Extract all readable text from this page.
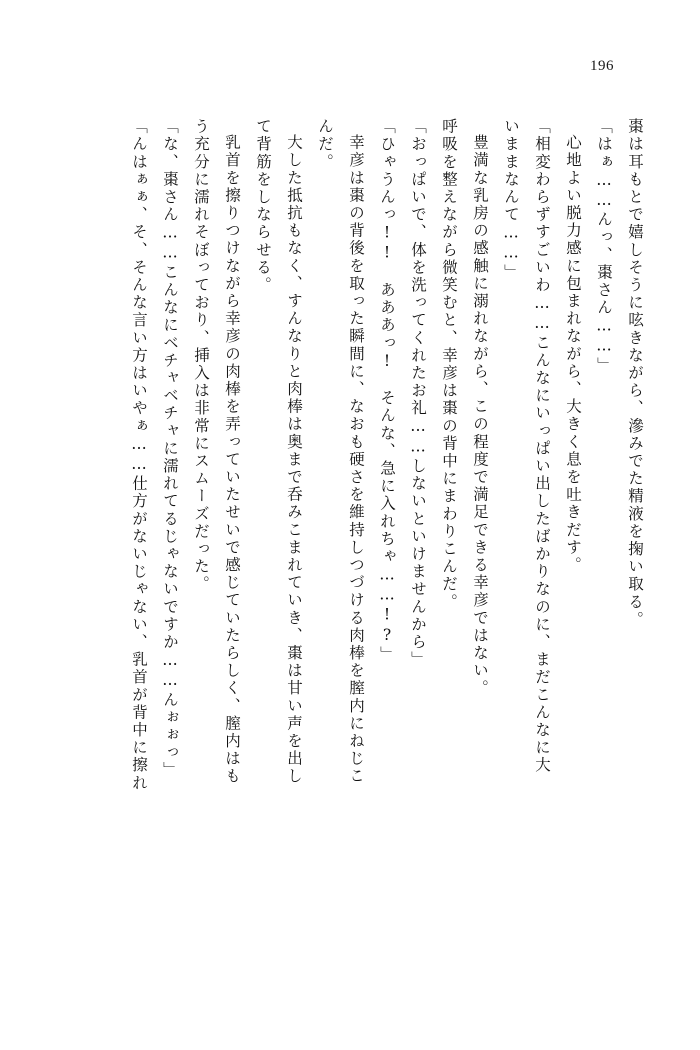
196
棗は耳もとで嬉しそうに呟きながら、滲みでた精液を掬い取る。
「はぁ……んっ、棗さん……」
心地よい脱力感に包まれながら、大きく息を吐きだす。
「相変わらずすごいわ……こんなにいっぱい出したばかりなのに、まだこんなに大
いままなんて……」
豊満な乳房の感触に溺れながら、この程度で満足できる幸彦ではない。
呼吸を整えながら微笑むと、幸彦は棗の背中にまわりこんだ。
「おっぱいで、体を洗ってくれたお礼……しないといけませんから」
「ひゃうんっ!!　あああっ!　そんな、急に入れちゃ……!?」
幸彦は棗の背後を取った瞬間に、なおも硬さを維持しつづける肉棒を膣内にねじこ
んだ。
大した抵抗もなく、すんなりと肉棒は奥まで呑みこまれていき、棗は甘い声を出し
て背筋をしならせる。
乳首を擦りつけながら幸彦の肉棒を弄っていたせいで感じていたらしく、膣内はも
う充分に濡れそぼっており、挿入は非常にスムーズだった。
「な、棗さん……こんなにベチャベチャに濡れてるじゃないですか……んぉぉっ」
「んはぁぁ、そ、そんな言い方はいやぁ……仕方がないじゃない、乳首が背中に擦れ
